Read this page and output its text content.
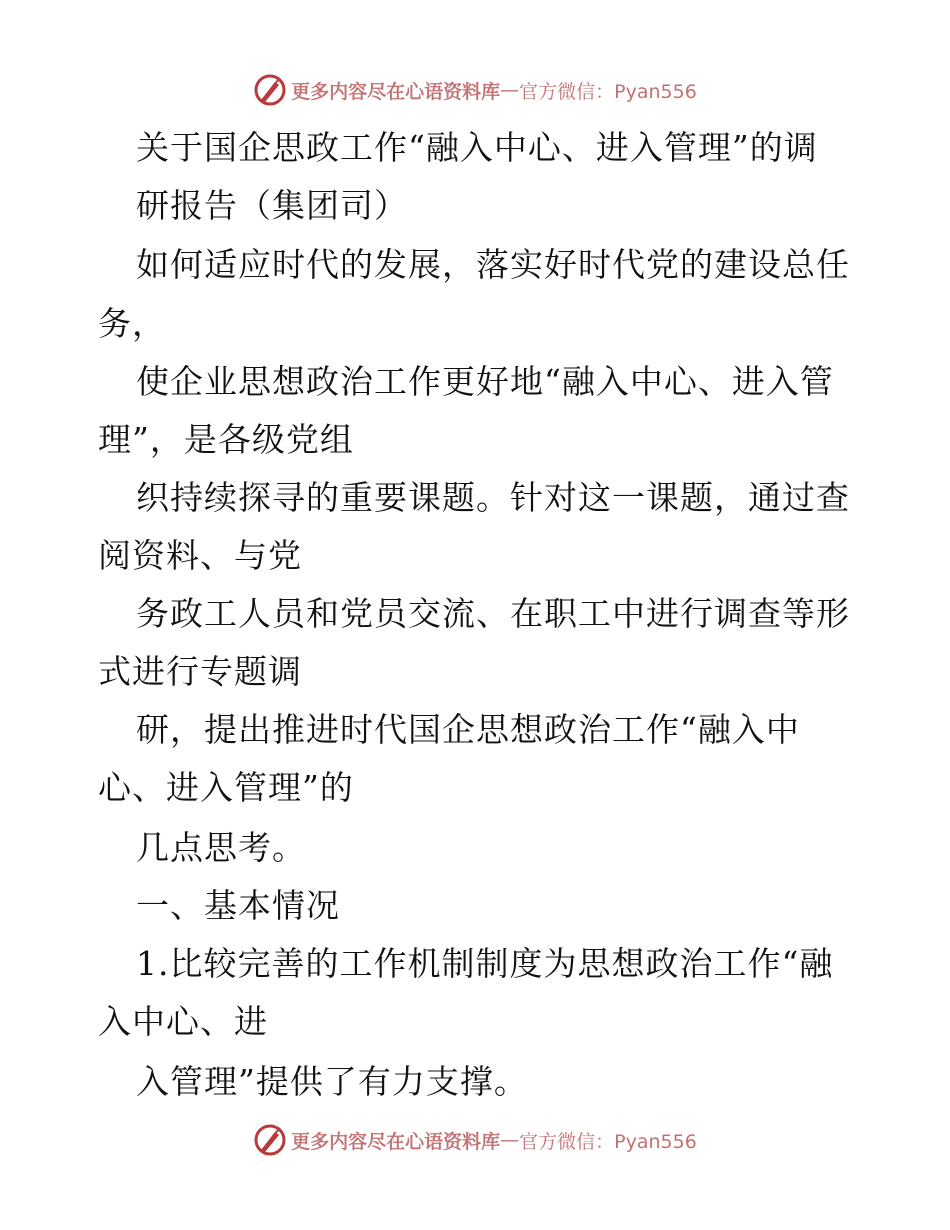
更多内容尽在心语资料库 — 官方微信：Pyan556
关于国企思政工作“融入中心、进入管理”的调
研报告（集团司）
如何适应时代的发展，落实好时代党的建设总任
务，
使企业思想政治工作更好地“融入中心、进入管
理”，是各级党组
织持续探寻的重要课题。针对这一课题，通过查
阅资料、与党
务政工人员和党员交流、在职工中进行调查等形
式进行专题调
研，提出推进时代国企思想政治工作“融入中
心、进入管理”的
几点思考。
一、基本情况
1.比较完善的工作机制制度为思想政治工作“融
入中心、进
入管理”提供了有力支撑。
更多内容尽在心语资料库 — 官方微信：Pyan556
